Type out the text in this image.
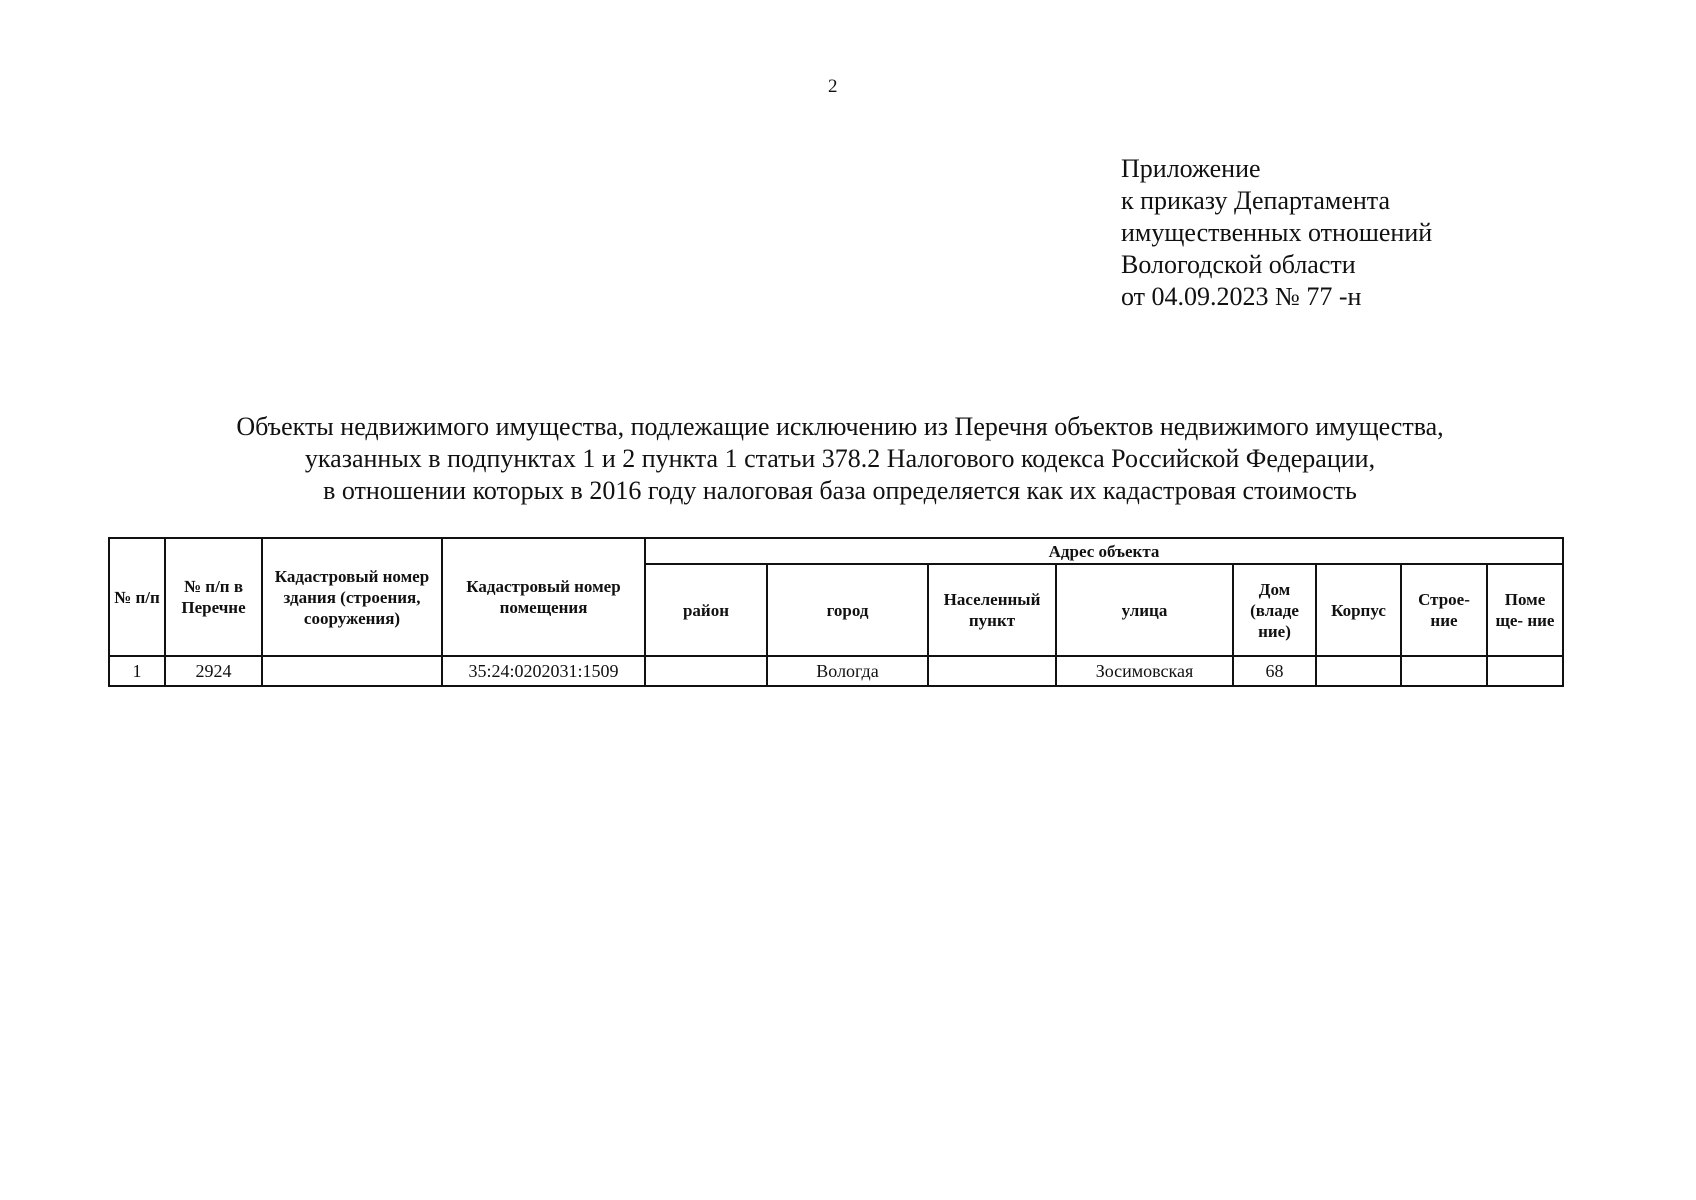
2
Приложение
к приказу Департамента
имущественных отношений
Вологодской области
от 04.09.2023 № 77 -н
Объекты недвижимого имущества, подлежащие исключению из Перечня объектов недвижимого имущества,
указанных в подпунктах 1 и 2 пункта 1 статьи 378.2 Налогового кодекса Российской Федерации,
в отношении которых в 2016 году налоговая база определяется как их кадастровая стоимость
№ п/п	№ п/п в Перечне	Кадастровый номер здания (строения, сооружения)	Кадастровый номер помещения	Адрес объекта							
				район	город	Населенный пункт	улица	Дом (владе ние)	Корпус	Строе- ние	Поме ще- ние
1	2924		35:24:0202031:1509		Вологда		Зосимовская	68			
